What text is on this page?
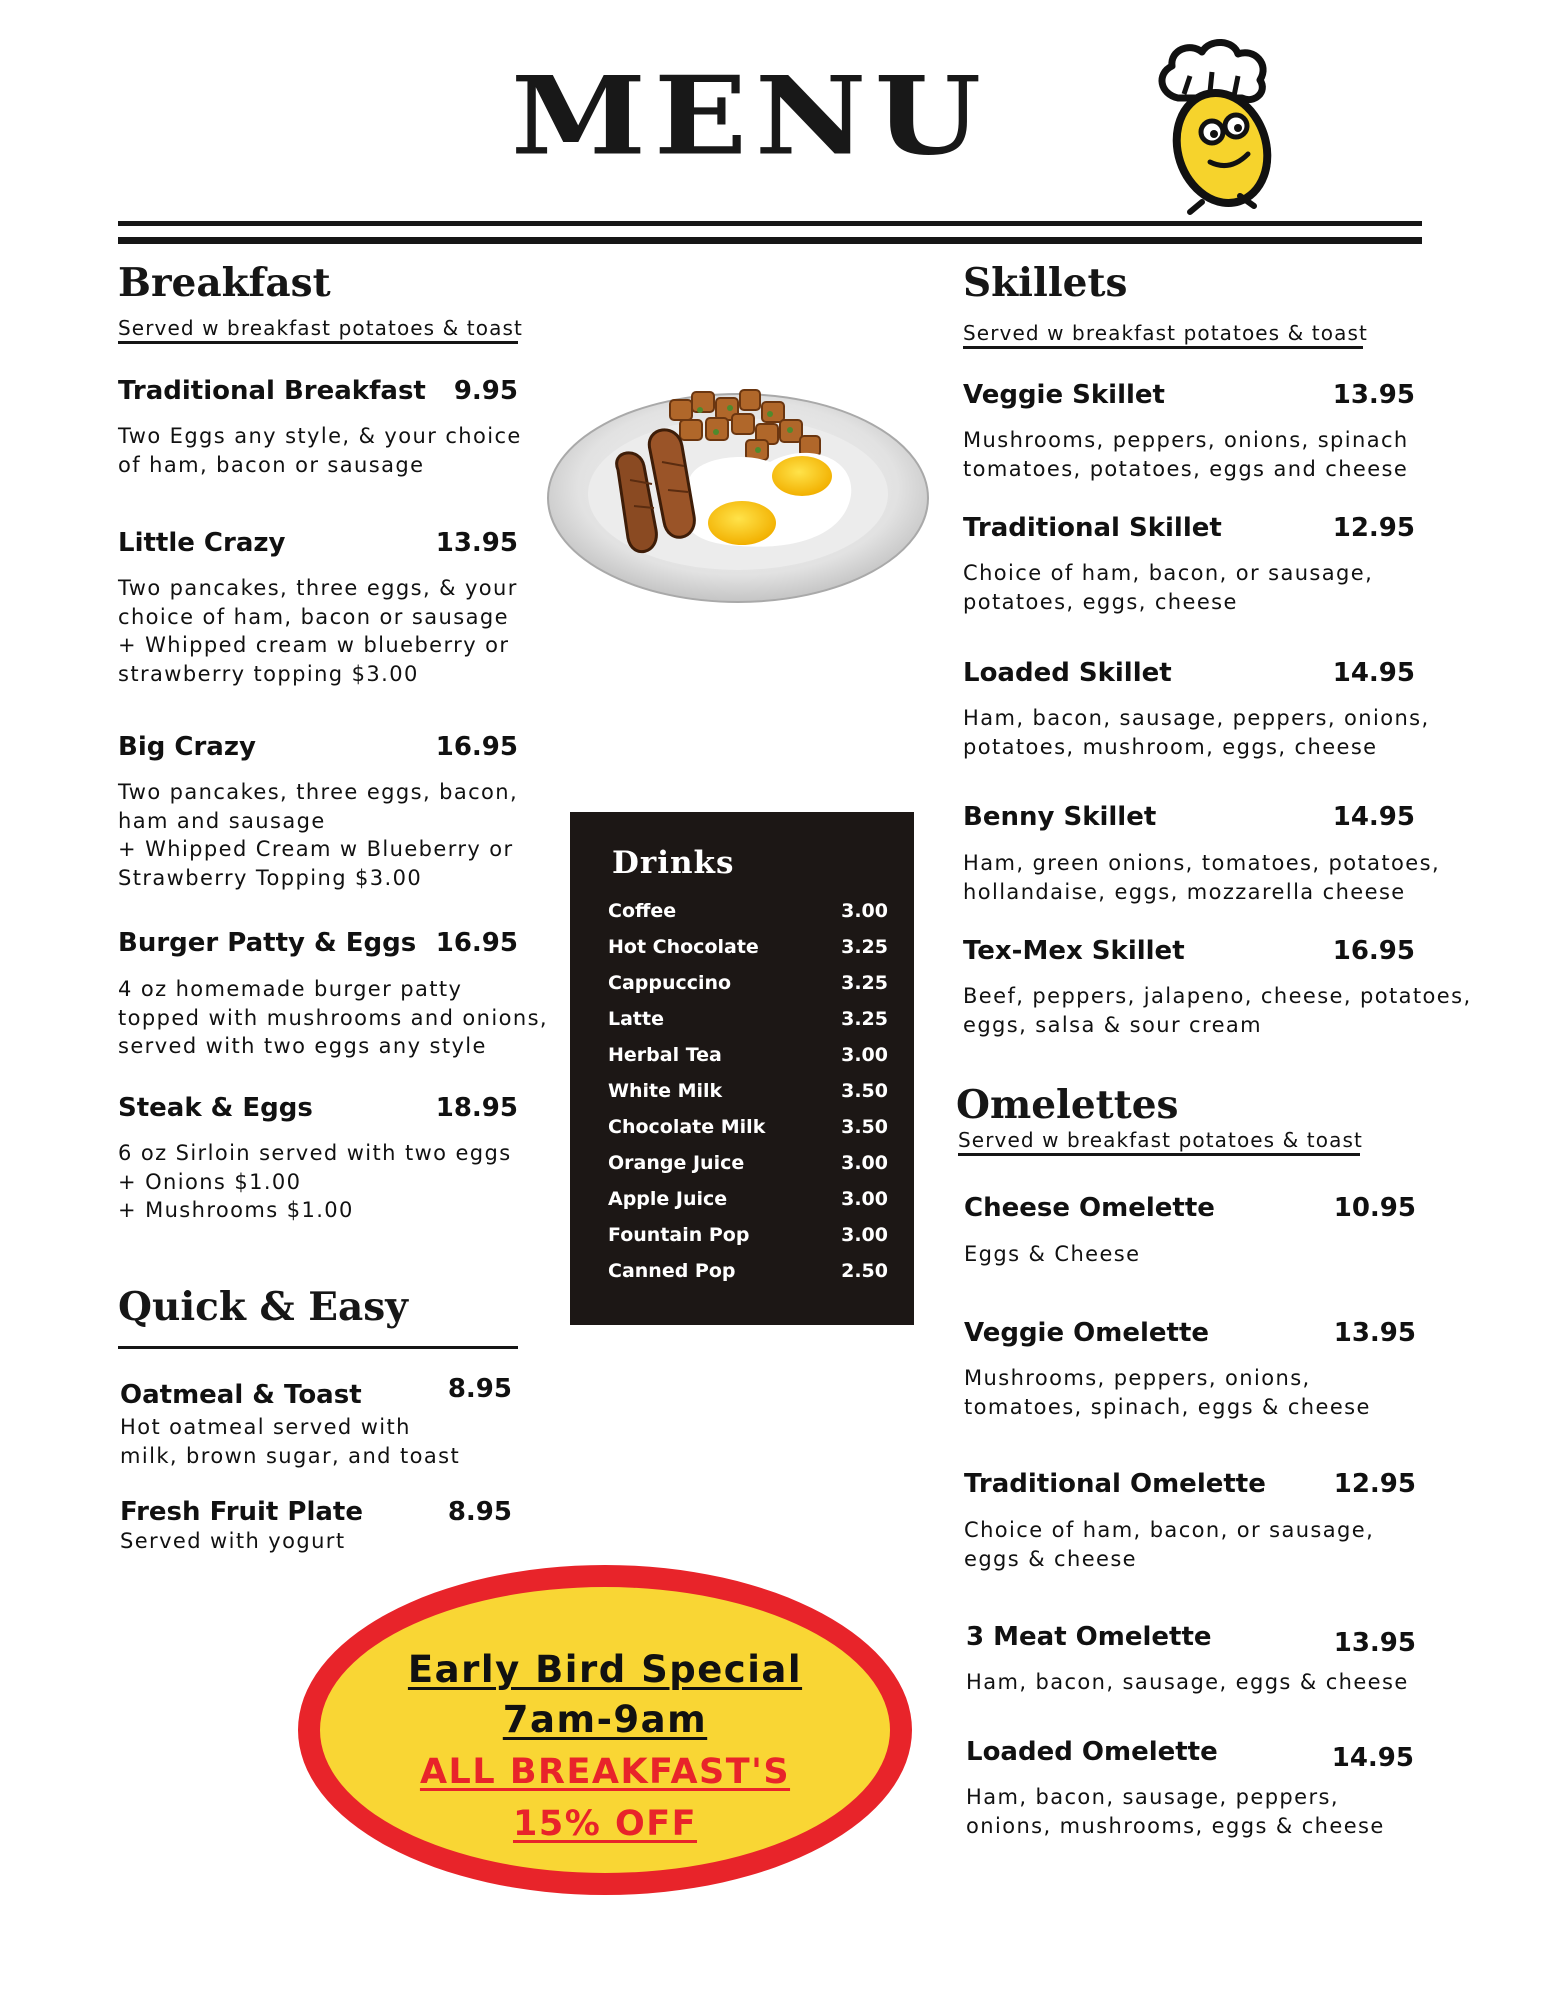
MENU
Breakfast
Served w breakfast potatoes & toast
Traditional Breakfast	9.95
Two Eggs any style, & your choice
of ham, bacon or sausage
Little Crazy	13.95
Two pancakes, three eggs, & your
choice of ham, bacon or sausage
+ Whipped cream w blueberry or
strawberry topping $3.00
Big Crazy	16.95
Two pancakes, three eggs, bacon,
ham and sausage
+ Whipped Cream w Blueberry or
Strawberry Topping $3.00
Burger Patty & Eggs 16.95
4 oz homemade burger patty
topped with mushrooms and onions,
served with two eggs any style
Steak & Eggs	18.95
6 oz Sirloin served with two eggs
+ Onions $1.00
+ Mushrooms $1.00
Quick & Easy
Oatmeal & Toast	8.95
Hot oatmeal served with
milk, brown sugar, and toast
Fresh Fruit Plate	8.95
Served with yogurt
Drinks
Coffee	3.00
Hot Chocolate	3.25
Cappuccino	3.25
Latte	3.25
Herbal Tea	3.00
White Milk	3.50
Chocolate Milk	3.50
Orange Juice	3.00
Apple Juice	3.00
Fountain Pop	3.00
Canned Pop	2.50
Early Bird Special
7am-9am
ALL BREAKFAST'S
15% OFF
Skillets
Served w breakfast potatoes & toast
Veggie Skillet	13.95
Mushrooms, peppers, onions, spinach
tomatoes, potatoes, eggs and cheese
Traditional Skillet	12.95
Choice of ham, bacon, or sausage,
potatoes, eggs, cheese
Loaded Skillet	14.95
Ham, bacon, sausage, peppers, onions,
potatoes, mushroom, eggs, cheese
Benny Skillet	14.95
Ham, green onions, tomatoes, potatoes,
hollandaise, eggs, mozzarella cheese
Tex-Mex Skillet	16.95
Beef, peppers, jalapeno, cheese, potatoes,
eggs, salsa & sour cream
Omelettes
Served w breakfast potatoes & toast
Cheese Omelette	10.95
Eggs & Cheese
Veggie Omelette	13.95
Mushrooms, peppers, onions,
tomatoes, spinach, eggs & cheese
Traditional Omelette	12.95
Choice of ham, bacon, or sausage,
eggs & cheese
3 Meat Omelette	13.95
Ham, bacon, sausage, eggs & cheese
Loaded Omelette	14.95
Ham, bacon, sausage, peppers,
onions, mushrooms, eggs & cheese
